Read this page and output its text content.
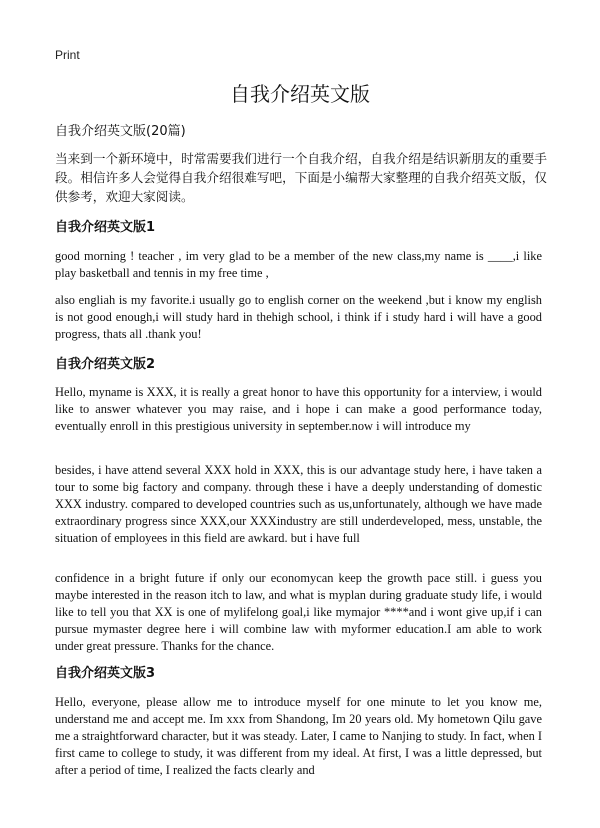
Print
自我介绍英文版
自我介绍英文版(20篇)
当来到一个新环境中，时常需要我们进行一个自我介绍，自我介绍是结识新朋友的重要手段。相信许多人会觉得自我介绍很难写吧，下面是小编帮大家整理的自我介绍英文版，仅供参考，欢迎大家阅读。
自我介绍英文版1
good morning ! teacher , im very glad to be a member of the new class,my name is ____,i like play basketball and tennis in my free time ,
also engliah is my favorite.i usually go to english corner on the weekend ,but i know my english is not good enough,i will study hard in thehigh school, i think if i study hard i will have a good progress, thats all .thank you!
自我介绍英文版2
Hello, myname is XXX, it is really a great honor to have this opportunity for a interview, i would like to answer whatever you may raise, and i hope i can make a good performance today, eventually enroll in this prestigious university in september.now i will introduce my
besides, i have attend several XXX hold in XXX, this is our advantage study here, i have taken a tour to some big factory and company. through these i have a deeply understanding of domestic XXX industry. compared to developed countries such as us,unfortunately, although we have made extraordinary progress since XXX,our XXXindustry are still underdeveloped, mess, unstable, the situation of employees in this field are awkard. but i have full
confidence in a bright future if only our economycan keep the growth pace still. i guess you maybe interested in the reason itch to law, and what is myplan during graduate study life, i would like to tell you that XX is one of mylifelong goal,i like mymajor ****and i wont give up,if i can pursue mymaster degree here i will combine law with myformer education.I am able to work under great pressure. Thanks for the chance.
自我介绍英文版3
Hello, everyone, please allow me to introduce myself for one minute to let you know me, understand me and accept me. Im xxx from Shandong, Im 20 years old. My hometown Qilu gave me a straightforward character, but it was steady. Later, I came to Nanjing to study. In fact, when I first came to college to study, it was different from my ideal. At first, I was a little depressed, but after a period of time, I realized the facts clearly and
